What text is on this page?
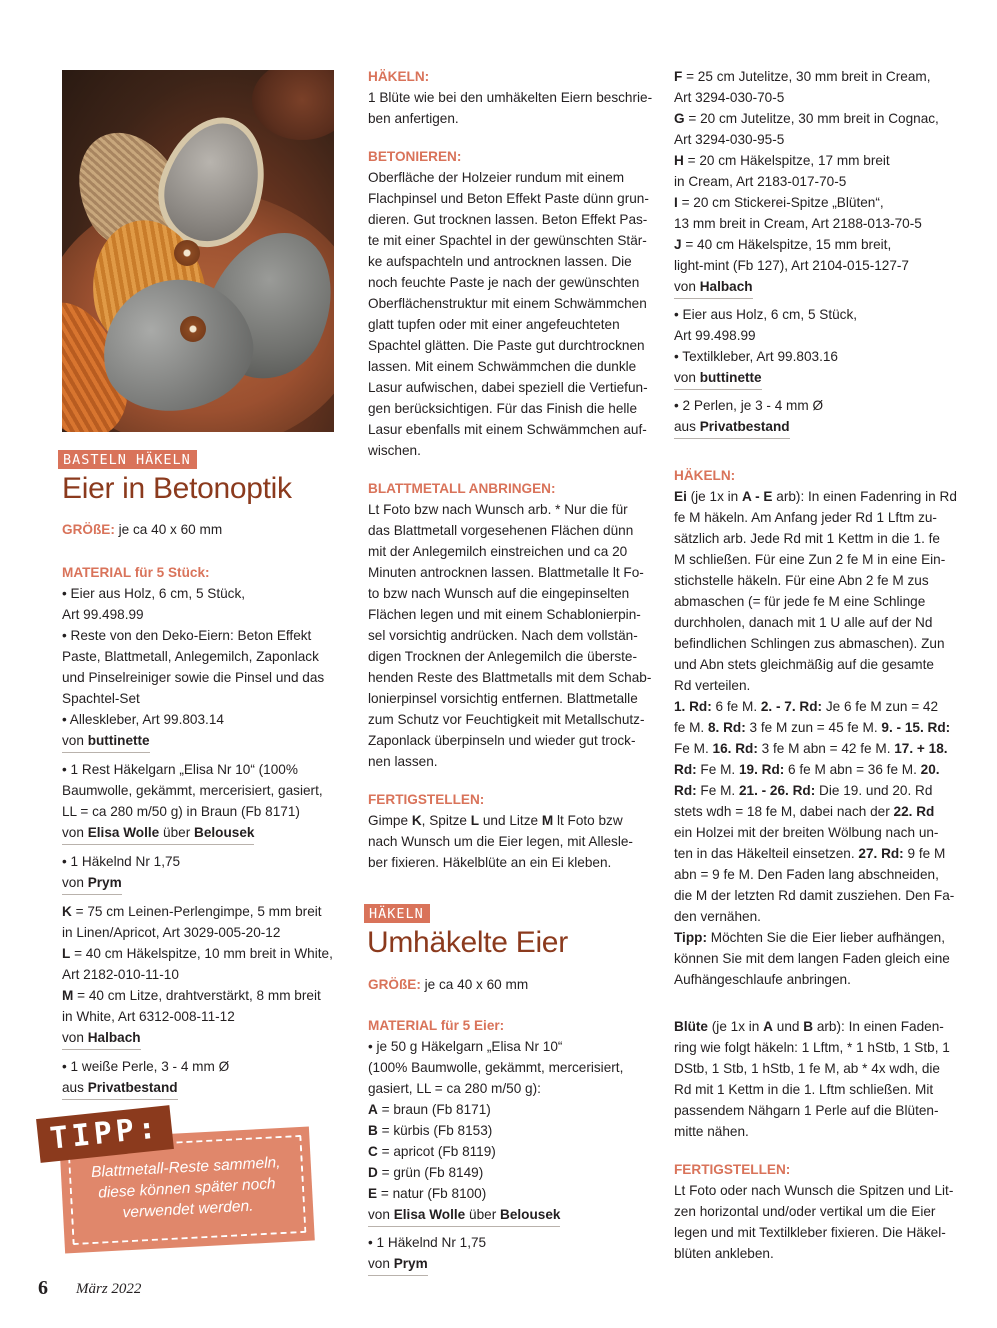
BASTELN HÄKELN
Eier in Betonoptik

GRÖßE: je ca 40 x 60 mm

MATERIAL für 5 Stück:

• Eier aus Holz, 6 cm, 5 Stück,

Art 99.498.99

• Reste von den Deko-Eiern: Beton Effekt

Paste, Blattmetall, Anlegemilch, Zaponlack

und Pinselreiniger sowie die Pinsel und das

Spachtel-Set

• Alleskleber, Art 99.803.14

von buttinette

• 1 Rest Häkelgarn „Elisa Nr 10“ (100%

Baumwolle, gekämmt, mercerisiert, gasiert,

LL = ca 280 m/50 g) in Braun (Fb 8171)

von Elisa Wolle über Belousek

• 1 Häkelnd Nr 1,75

von Prym

K = 75 cm Leinen-Perlengimpe, 5 mm breit

in Linen/Apricot, Art 3029-005-20-12

L = 40 cm Häkelspitze, 10 mm breit in White,

Art 2182-010-11-10

M = 40 cm Litze, drahtverstärkt, 8 mm breit

in White, Art 6312-008-11-12

von Halbach

• 1 weiße Perle, 3 - 4 mm Ø

aus Privatbestand

Blattmetall-Reste sammeln,
diese können später noch
verwendet werden.
TIPP:

HÄKELN:

1 Blüte wie bei den umhäkelten Eiern beschrie-

ben anfertigen.

BETONIEREN:

Oberfläche der Holzeier rundum mit einem

Flachpinsel und Beton Effekt Paste dünn grun-

dieren. Gut trocknen lassen. Beton Effekt Pas-

te mit einer Spachtel in der gewünschten Stär-

ke aufspachteln und antrocknen lassen. Die

noch feuchte Paste je nach der gewünschten

Oberflächenstruktur mit einem Schwämmchen

glatt tupfen oder mit einer angefeuchteten

Spachtel glätten. Die Paste gut durchtrocknen

lassen. Mit einem Schwämmchen die dunkle

Lasur aufwischen, dabei speziell die Vertiefun-

gen berücksichtigen. Für das Finish die helle

Lasur ebenfalls mit einem Schwämmchen auf-

wischen.

BLATTMETALL ANBRINGEN:

Lt Foto bzw nach Wunsch arb. * Nur die für

das Blattmetall vorgesehenen Flächen dünn

mit der Anlegemilch einstreichen und ca 20

Minuten antrocknen lassen. Blattmetalle lt Fo-

to bzw nach Wunsch auf die eingepinselten

Flächen legen und mit einem Schablonierpin-

sel vorsichtig andrücken. Nach dem vollstän-

digen Trocknen der Anlegemilch die überste-

henden Reste des Blattmetalls mit dem Schab-

lonierpinsel vorsichtig entfernen. Blattmetalle

zum Schutz vor Feuchtigkeit mit Metallschutz-

Zaponlack überpinseln und wieder gut trock-

nen lassen.

FERTIGSTELLEN:

Gimpe K, Spitze L und Litze M lt Foto bzw

nach Wunsch um die Eier legen, mit Allesle-

ber fixieren. Häkelblüte an ein Ei kleben.

HÄKELN
Umhäkelte Eier

GRÖßE: je ca 40 x 60 mm

MATERIAL für 5 Eier:

• je 50 g Häkelgarn „Elisa Nr 10“

(100% Baumwolle, gekämmt, mercerisiert,

gasiert, LL = ca 280 m/50 g):

A = braun (Fb 8171)

B = kürbis (Fb 8153)

C = apricot (Fb 8119)

D = grün (Fb 8149)

E = natur (Fb 8100)

von Elisa Wolle über Belousek

• 1 Häkelnd Nr 1,75

von Prym

F = 25 cm Jutelitze, 30 mm breit in Cream,

Art 3294-030-70-5

G = 20 cm Jutelitze, 30 mm breit in Cognac,

Art 3294-030-95-5

H = 20 cm Häkelspitze, 17 mm breit

in Cream, Art 2183-017-70-5

I = 20 cm Stickerei-Spitze „Blüten“,

13 mm breit in Cream, Art 2188-013-70-5

J = 40 cm Häkelspitze, 15 mm breit,

light-mint (Fb 127), Art 2104-015-127-7

von Halbach

• Eier aus Holz, 6 cm, 5 Stück,

Art 99.498.99

• Textilkleber, Art 99.803.16

von buttinette

• 2 Perlen, je 3 - 4 mm Ø

aus Privatbestand

HÄKELN:

Ei (je 1x in A - E arb): In einen Fadenring in Rd

fe M häkeln. Am Anfang jeder Rd 1 Lftm zu-

sätzlich arb. Jede Rd mit 1 Kettm in die 1. fe

M schließen. Für eine Zun 2 fe M in eine Ein-

stichstelle häkeln. Für eine Abn 2 fe M zus

abmaschen (= für jede fe M eine Schlinge

durchholen, danach mit 1 U alle auf der Nd

befindlichen Schlingen zus abmaschen). Zun

und Abn stets gleichmäßig auf die gesamte

Rd verteilen.

1. Rd: 6 fe M. 2. - 7. Rd: Je 6 fe M zun = 42

fe M. 8. Rd: 3 fe M zun = 45 fe M. 9. - 15. Rd:

Fe M. 16. Rd: 3 fe M abn = 42 fe M. 17. + 18.

Rd: Fe M. 19. Rd: 6 fe M abn = 36 fe M. 20.

Rd: Fe M. 21. - 26. Rd: Die 19. und 20. Rd

stets wdh = 18 fe M, dabei nach der 22. Rd

ein Holzei mit der breiten Wölbung nach un-

ten in das Häkelteil einsetzen. 27. Rd: 9 fe M

abn = 9 fe M. Den Faden lang abschneiden,

die M der letzten Rd damit zusziehen. Den Fa-

den vernähen.

Tipp: Möchten Sie die Eier lieber aufhängen,

können Sie mit dem langen Faden gleich eine

Aufhängeschlaufe anbringen.

Blüte (je 1x in A und B arb): In einen Faden-

ring wie folgt häkeln: 1 Lftm, * 1 hStb, 1 Stb, 1

DStb, 1 Stb, 1 hStb, 1 fe M, ab * 4x wdh, die

Rd mit 1 Kettm in die 1. Lftm schließen. Mit

passendem Nähgarn 1 Perle auf die Blüten-

mitte nähen.

FERTIGSTELLEN:

Lt Foto oder nach Wunsch die Spitzen und Lit-

zen horizontal und/oder vertikal um die Eier

legen und mit Textilkleber fixieren. Die Häkel-

blüten ankleben.

6 März 2022
